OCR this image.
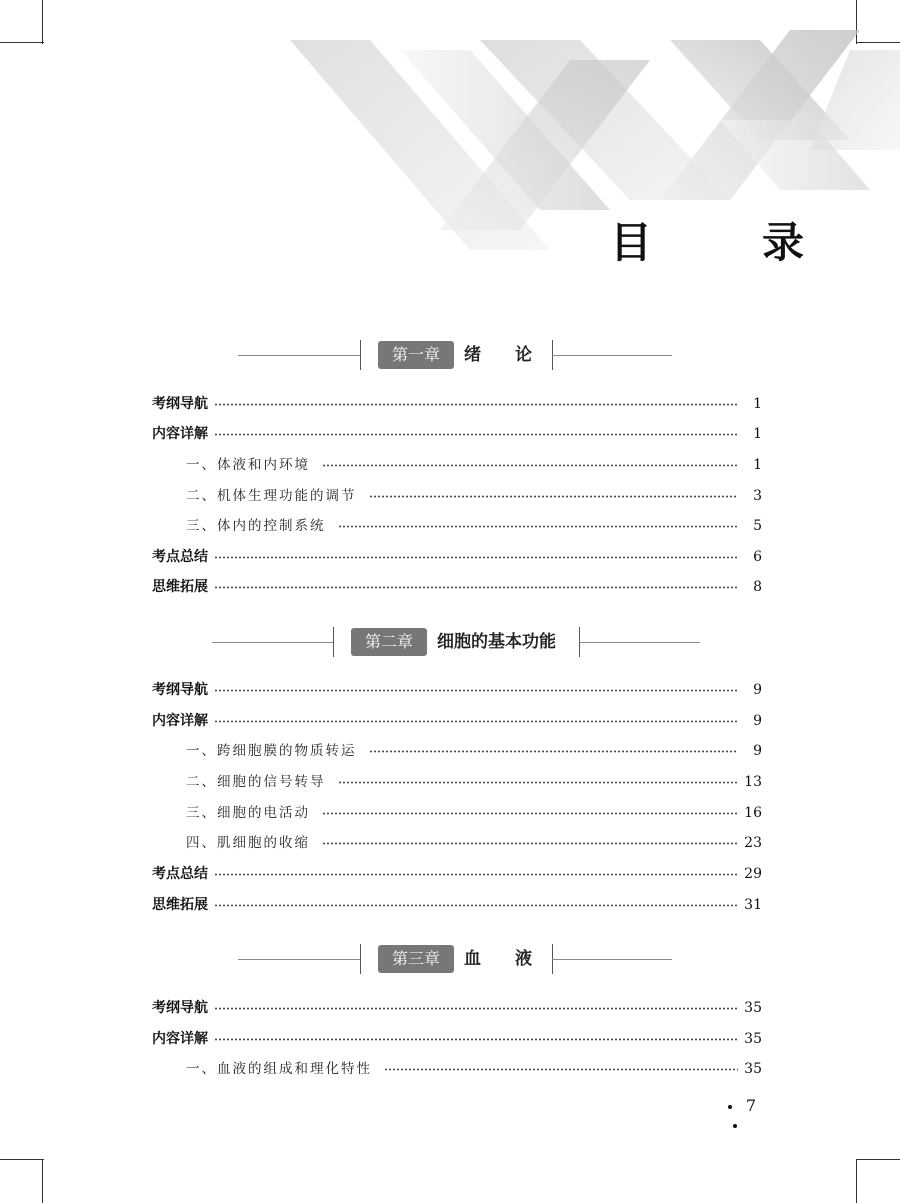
目　录
第一章	绪　　论
考纲导航	1
内容详解	1
一、体液和内环境	1
二、机体生理功能的调节	3
三、体内的控制系统	5
考点总结	6
思维拓展	8
第二章	细胞的基本功能
考纲导航	9
内容详解	9
一、跨细胞膜的物质转运	9
二、细胞的信号转导	13
三、细胞的电活动	16
四、肌细胞的收缩	23
考点总结	29
思维拓展	31
第三章	血　　液
考纲导航	35
内容详解	35
一、血液的组成和理化特性	35
7
